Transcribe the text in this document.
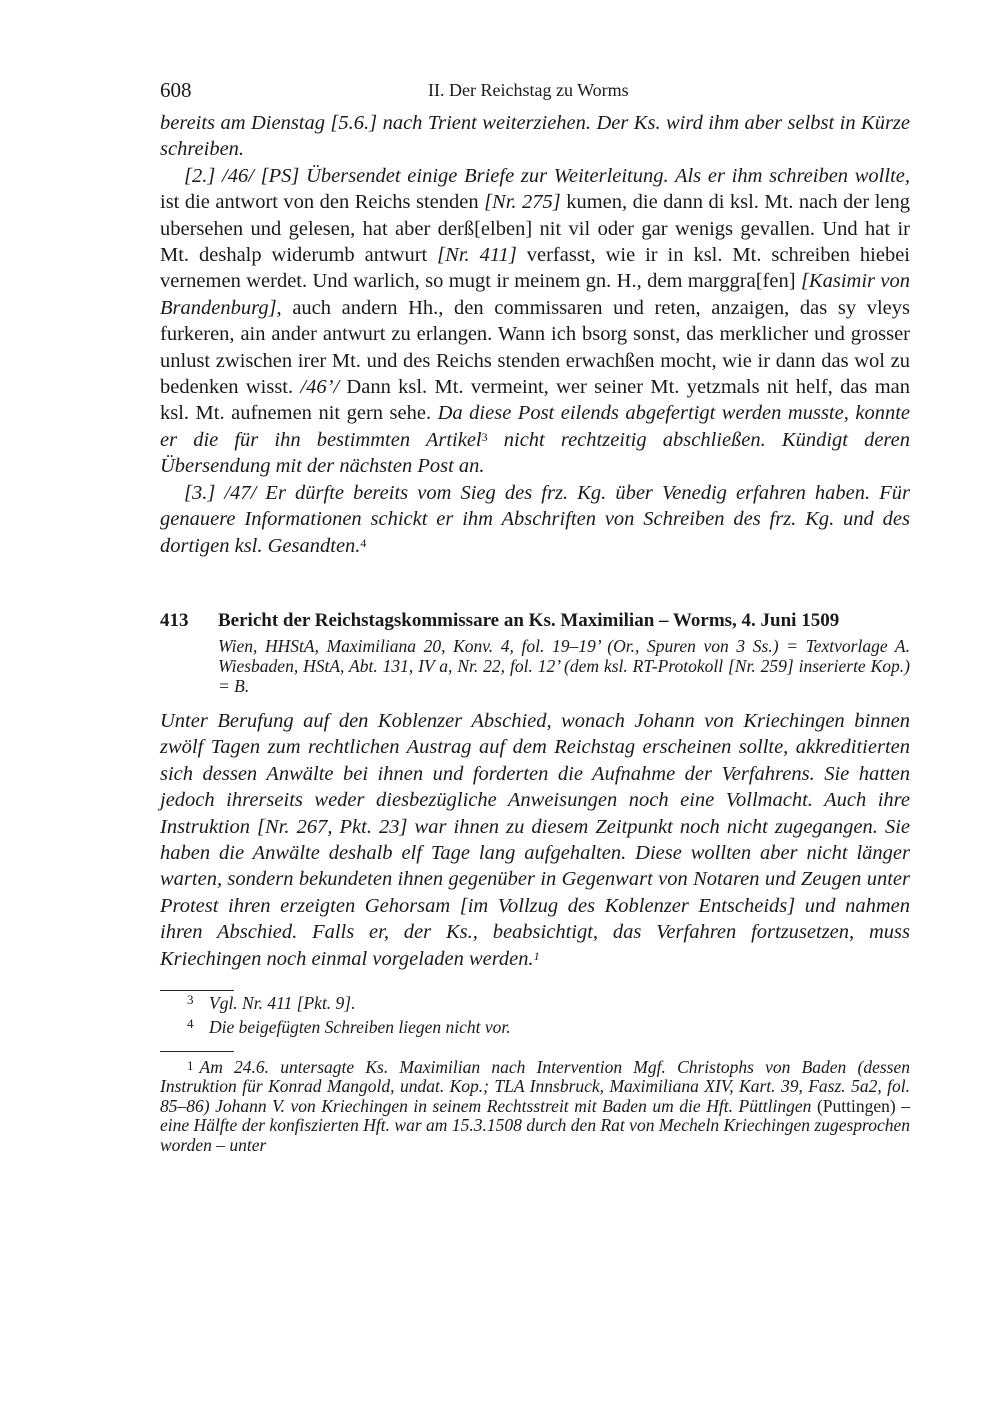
608	II. Der Reichstag zu Worms

bereits am Dienstag [5.6.] nach Trient weiterziehen. Der Ks. wird ihm aber selbst in Kürze schreiben.

[2.] /46/ [PS] Übersendet einige Briefe zur Weiterleitung. Als er ihm schreiben wollte, ist die antwort von den Reichs stenden [Nr. 275] kumen, die dann di ksl. Mt. nach der leng ubersehen und gelesen, hat aber derß[elben] nit vil oder gar wenigs gevallen. Und hat ir Mt. deshalp widerumb antwurt [Nr. 411] verfasst, wie ir in ksl. Mt. schreiben hiebei vernemen werdet. Und warlich, so mugt ir meinem gn. H., dem marggra[fen] [Kasimir von Brandenburg], auch andern Hh., den commissaren und reten, anzaigen, das sy vleys furkeren, ain ander antwurt zu erlangen. Wann ich bsorg sonst, das merklicher und grosser unlust zwischen irer Mt. und des Reichs stenden erwachßen mocht, wie ir dann das wol zu bedenken wisst. /46’/ Dann ksl. Mt. vermeint, wer seiner Mt. yetzmals nit helf, das man ksl. Mt. aufnemen nit gern sehe. Da diese Post eilends abgefertigt werden musste, konnte er die für ihn bestimmten Artikel$^3$ nicht rechtzeitig abschließen. Kündigt deren Übersendung mit der nächsten Post an.

[3.] /47/ Er dürfte bereits vom Sieg des frz. Kg. über Venedig erfahren haben. Für genauere Informationen schickt er ihm Abschriften von Schreiben des frz. Kg. und des dortigen ksl. Gesandten.$^4$

413	Bericht der Reichstagskommissare an Ks. Maximilian – Worms, 4. Juni 1509
Wien, HHStA, Maximiliana 20, Konv. 4, fol. 19–19’ (Or., Spuren von 3 Ss.) = Textvorlage A. Wiesbaden, HStA, Abt. 131, IV a, Nr. 22, fol. 12’ (dem ksl. RT-Protokoll [Nr. 259] inserierte Kop.) = B.
Unter Berufung auf den Koblenzer Abschied, wonach Johann von Kriechingen binnen zwölf Tagen zum rechtlichen Austrag auf dem Reichstag erscheinen sollte, akkreditierten sich dessen Anwälte bei ihnen und forderten die Aufnahme der Verfahrens. Sie hatten jedoch ihrerseits weder diesbezügliche Anweisungen noch eine Vollmacht. Auch ihre Instruktion [Nr. 267, Pkt. 23] war ihnen zu diesem Zeitpunkt noch nicht zugegangen. Sie haben die Anwälte deshalb elf Tage lang aufgehalten. Diese wollten aber nicht länger warten, sondern bekundeten ihnen gegenüber in Gegenwart von Notaren und Zeugen unter Protest ihren erzeigten Gehorsam [im Vollzug des Koblenzer Entscheids] und nahmen ihren Abschied. Falls er, der Ks., beabsichtigt, das Verfahren fortzusetzen, muss Kriechingen noch einmal vorgeladen werden.$^1$
3 Vgl. Nr. 411 [Pkt. 9].
4 Die beigefügten Schreiben liegen nicht vor.
$^1$ Am 24.6. untersagte Ks. Maximilian nach Intervention Mgf. Christophs von Baden (dessen Instruktion für Konrad Mangold, undat. Kop.; TLA Innsbruck, Maximiliana XIV, Kart. 39, Fasz. 5a2, fol. 85–86) Johann V. von Kriechingen in seinem Rechtsstreit mit Baden um die Hft. Püttlingen (Puttingen) – eine Hälfte der konfiszierten Hft. war am 15.3.1508 durch den Rat von Mecheln Kriechingen zugesprochen worden – unter
